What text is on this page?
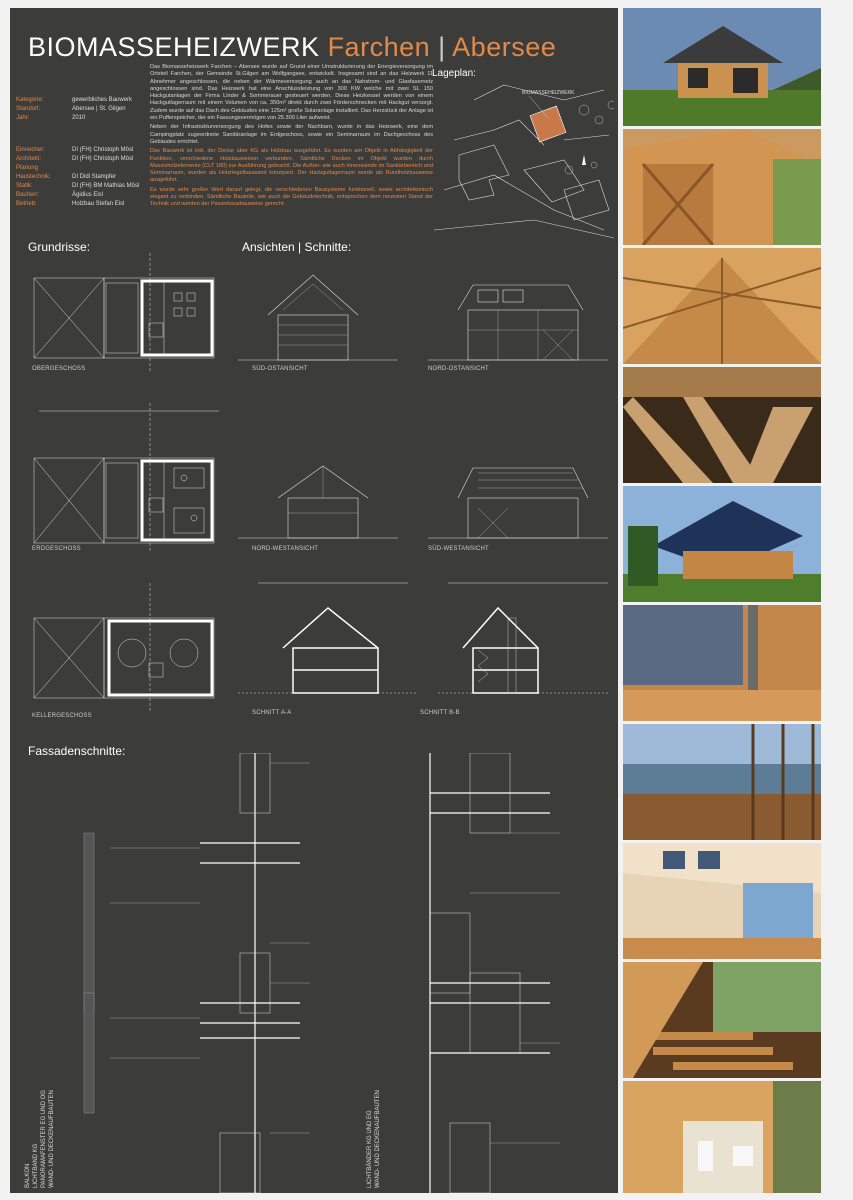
BIOMASSEHEIZWERK Farchen | Abersee
Kategorie:	gewerbliches Bauwerk
Standort:	Abersee | St. Gilgen
Jahr:	2010
Einreicher:	DI (FH) Christoph Mösl
Architekt:	DI (FH) Christoph Mösl
Planung Haustechnik:	DI Didi Stampfer
Statik:	DI (FH) BM Mathias Mösl
Bauherr:	Ägidius Eisl
Betrieb:	Holzbau Stefan Eisl

Das Biomasseheizwerk Farchen – Abersee wurde auf Grund einer Umstrukturierung der Energieversorgung im Ortsteil Farchen, der Gemeinde St.Gilgen am Wolfgangsee, entwickelt. Insgesamt sind an das Heizwerk 11 Abnehmer angeschlossen, die neben der Wärmeversorgung auch an das Nahstrom- und Glasfasernetz angeschlossen sind. Das Heizwerk hat eine Anschlussleistung von 300 KW welche mit zwei SL 150 Hackgutanlagen der Firma Linder & Sommerauer gesteuert werden. Diese Heizkessel werden von einem Hackgutlagerraum mit einem Volumen von ca. 350m³ direkt durch zwei Förderschnecken mit Hackgut versorgt. Zudem wurde auf das Dach des Gebäudes eine 125m² große Solaranlage installiert. Das Herzstück der Anlage ist ein Pufferspeicher, der ein Fassungsvermögen von 25.300 Liter aufweist.

Neben der Infrastrukturversorgung des Hofes sowie der Nachbarn, wurde in das Heizwerk, eine dem Campingplatz zugeordnete Sanitäranlage im Erdgeschoss, sowie ein Seminarraum im Dachgeschoss des Gebäudes errichtet.

Das Bauwerk ist inkl. der Decke über KG als Holzbau ausgeführt. Es wurden am Objekt in Abhängigkeit der Funktion, verschiedene Holzbauweisen verbunden. Sämtliche Decken im Objekt wurden durch Massivholzelemente (CLT 180) zur Ausführung gebracht. Die Außen- wie auch Innenwände im Sanitärbereich und Seminarraum, wurden als Holzriegelbauwand konzipiert. Der Hackgutlagerraum wurde als Rundholzbauweise ausgeführt.

Es wurde sehr großer Wert darauf gelegt, die verschiedenen Bausysteme funktionell, sowie architektonisch elegant zu verbinden. Sämtliche Bauteile, wie auch die Gebäudetechnik, entsprechen dem neuesten Stand der Technik und werden der Passivhausbauweise gerecht.

Lageplan:
BIOMASSEHEIZWERK
Grundrisse:	Ansichten | Schnitte:
OBERGESCHOSS
ERDGESCHOSS
KELLERGESCHOSS
SÜD-OSTANSICHT	NORD-OSTANSICHT
NORD-WESTANSICHT	SÜD-WESTANSICHT
SCHNITT A-A	SCHNITT B-B
Fassadenschnitte:
BALKON
LICHTBAND KG
PANORAMAFENSTER EG UND OG
WAND- UND DECKENAUFBAUTEN
LICHTBÄNDER KG UND EG
WAND- UND DECKENAUFBAUTEN
